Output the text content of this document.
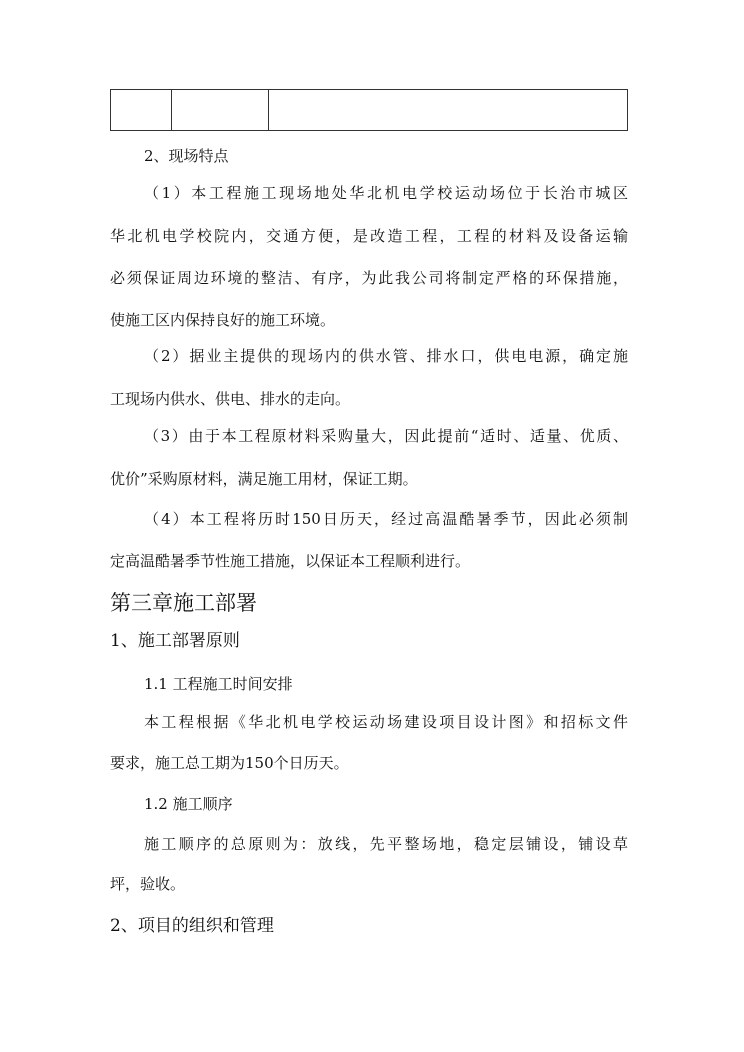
2、现场特点
（1）本工程施工现场地处华北机电学校运动场位于长治市城区
华北机电学校院内，交通方便，是改造工程，工程的材料及设备运输
必须保证周边环境的整洁、有序，为此我公司将制定严格的环保措施，
使施工区内保持良好的施工环境。
（2）据业主提供的现场内的供水管、排水口，供电电源，确定施
工现场内供水、供电、排水的走向。
（3）由于本工程原材料采购量大，因此提前“适时、适量、优质、
优价”采购原材料，满足施工用材，保证工期。
（4）本工程将历时150日历天，经过高温酷暑季节，因此必须制
定高温酷暑季节性施工措施，以保证本工程顺利进行。
第三章施工部署
1、施工部署原则
1.1 工程施工时间安排
本工程根据《华北机电学校运动场建设项目设计图》和招标文件
要求，施工总工期为150个日历天。
1.2 施工顺序
施工顺序的总原则为：放线，先平整场地，稳定层铺设，铺设草
坪，验收。
2、项目的组织和管理
